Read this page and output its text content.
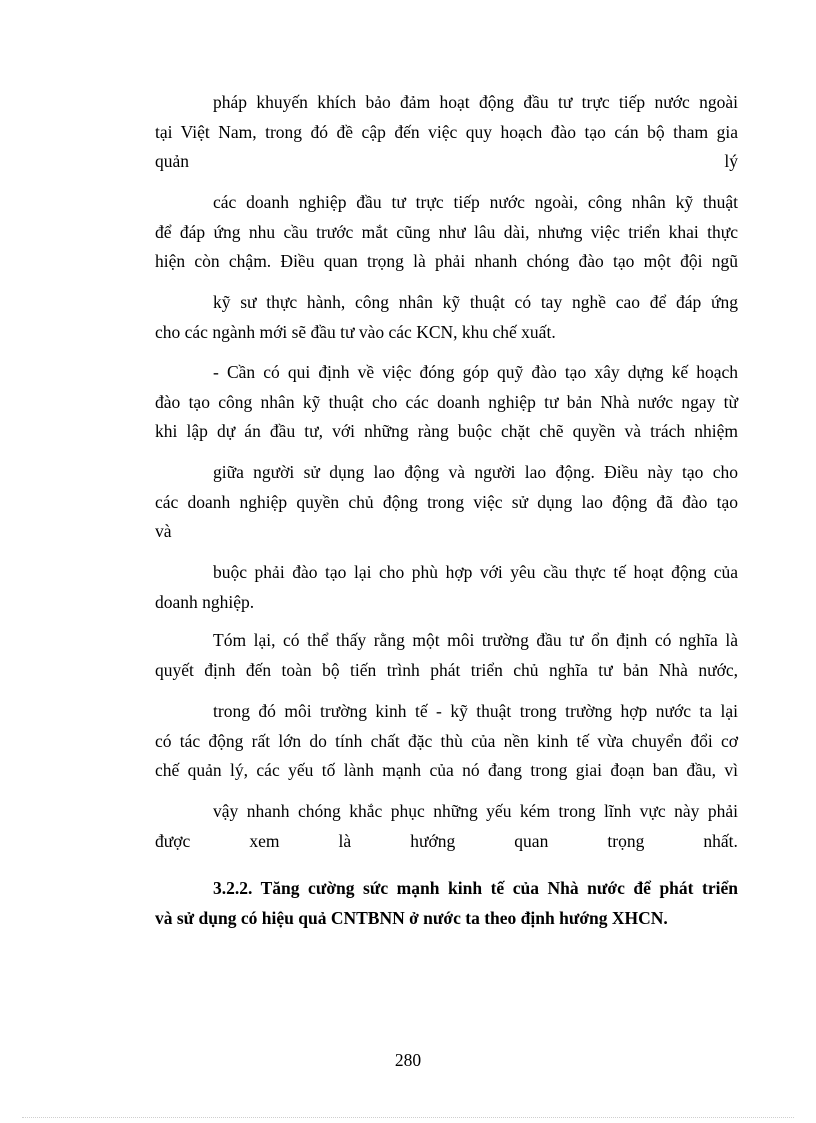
pháp khuyến khích bảo đảm hoạt động đầu tư trực tiếp nước ngoài
tại Việt Nam, trong đó đề cập đến việc quy hoạch đào tạo cán bộ tham gia
quản	lý
các doanh nghiệp đầu tư trực tiếp nước ngoài, công nhân kỹ thuật
để đáp ứng nhu cầu trước mắt cũng như lâu dài, nhưng việc triển khai thực
hiện còn chậm. Điều quan trọng là phải nhanh chóng đào tạo một đội ngũ
kỹ sư thực hành, công nhân kỹ thuật có tay nghề cao để đáp ứng
cho các ngành mới sẽ đầu tư vào các KCN, khu chế xuất.
- Cần có qui định về việc đóng góp quỹ đào tạo xây dựng kế hoạch
đào tạo công nhân kỹ thuật cho các doanh nghiệp tư bản Nhà nước ngay từ
khi lập dự án đầu tư, với những ràng buộc chặt chẽ quyền và trách nhiệm
giữa người sử dụng lao động và người lao động. Điều này tạo cho
các doanh nghiệp quyền chủ động trong việc sử dụng lao động đã đào tạo
và
buộc phải đào tạo lại cho phù hợp với yêu cầu thực tế hoạt động của
doanh nghiệp.
Tóm lại, có thể thấy rằng một môi trường đầu tư ổn định có nghĩa là
quyết định đến toàn bộ tiến trình phát triển chủ nghĩa tư bản Nhà nước,
trong đó môi trường kinh tế - kỹ thuật trong trường hợp nước ta lại
có tác động rất lớn do tính chất đặc thù của nền kinh tế vừa chuyển đổi cơ
chế quản lý, các yếu tố lành mạnh của nó đang trong giai đoạn ban đầu, vì
vậy nhanh chóng khắc phục những yếu kém trong lĩnh vực này phải
được	xem	là	hướng	quan	trọng	nhất.
3.2.2. Tăng cường sức mạnh kinh tế của Nhà nước để phát triển
và sử dụng có hiệu quả CNTBNN ở nước ta theo định hướng XHCN.
280
